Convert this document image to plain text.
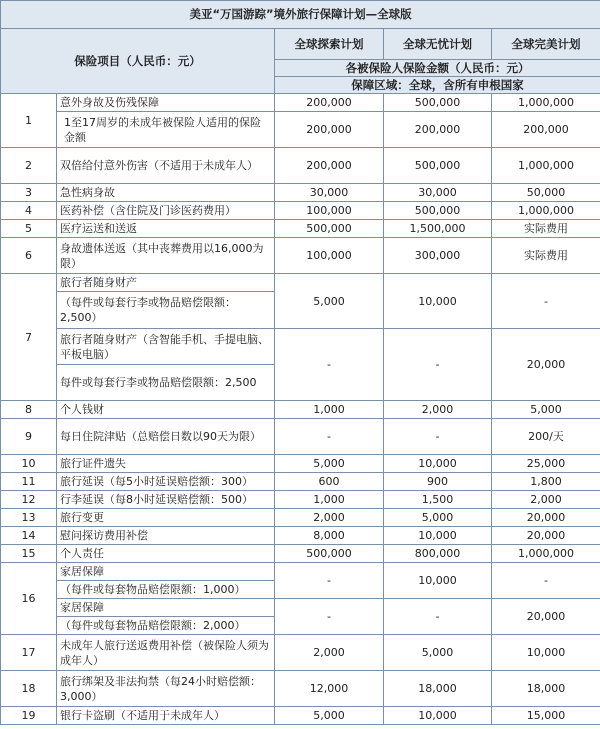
美亚“万国游踪”境外旅行保障计划—全球版				
保险项目（人民币：元）		全球探索计划	全球无忧计划	全球完美计划
		各被保险人保险金额（人民币：元）		
		保障区域：全球，含所有申根国家		
1	意外身故及伤残保障	200,000	500,000	1,000,000
	1至17周岁的未成年被保险人适用的保险金额	200,000	200,000	200,000
2	双倍给付意外伤害（不适用于未成年人）	200,000	500,000	1,000,000
3	急性病身故	30,000	30,000	50,000
4	医药补偿（含住院及门诊医药费用）	100,000	500,000	1,000,000
5	医疗运送和送返	500,000	1,500,000	实际费用
6	身故遗体送返（其中丧葬费用以16,000为限）	100,000	300,000	实际费用
7	旅行者随身财产	5,000	10,000	-
	（每件或每套行李或物品赔偿限额：2,500）			

	旅行者随身财产（含智能手机、手提电脑、平板电脑）	-	-	20,000
	每件或每套行李或物品赔偿限额：2,500			

8	个人钱财	1,000	2,000	5,000
9	每日住院津贴（总赔偿日数以90天为限）	-	-	200/天
10	旅行证件遗失	5,000	10,000	25,000
11	旅行延误（每5小时延误赔偿额：300）	600	900	1,800
12	行李延误（每8小时延误赔偿额：500）	1,000	1,500	2,000
13	旅行变更	2,000	5,000	20,000
14	慰问探访费用补偿	8,000	10,000	20,000
15	个人责任	500,000	800,000	1,000,000
16	家居保障	-	10,000	-
	（每件或每套物品赔偿限额：1,000）			
	家居保障	-	-	20,000
	（每件或每套物品赔偿限额：2,000）			
17	未成年人旅行送返费用补偿（被保险人须为成年人）	2,000	5,000	10,000
18	旅行绑架及非法拘禁（每24小时赔偿额：3,000）	12,000	18,000	18,000
19	银行卡盗刷（不适用于未成年人）	5,000	10,000	15,000
